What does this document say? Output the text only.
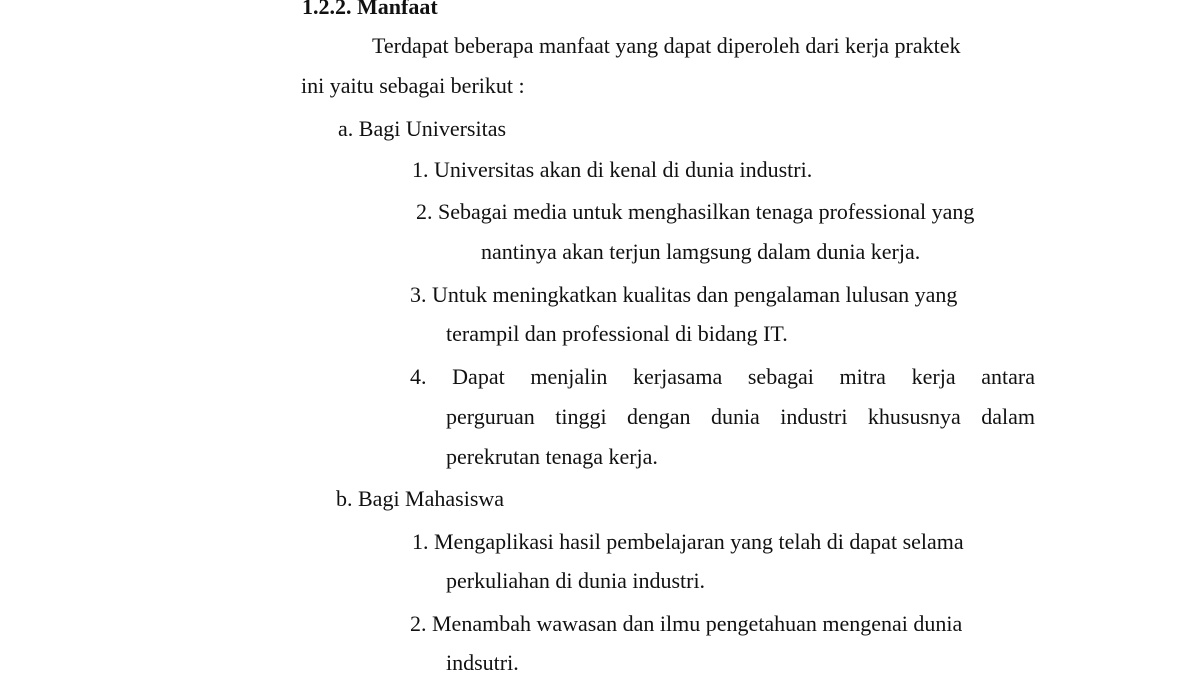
1.2.2. Manfaat

Terdapat beberapa manfaat yang dapat diperoleh dari kerja praktek

ini yaitu sebagai berikut :

a. Bagi Universitas

1. Universitas akan di kenal di dunia industri.

2. Sebagai media untuk menghasilkan tenaga professional yang

nantinya akan terjun lamgsung dalam dunia kerja.

3. Untuk meningkatkan kualitas dan pengalaman lulusan yang

terampil dan professional di bidang IT.

4. Dapat menjalin kerjasama sebagai mitra kerja antara
perguruan tinggi dengan dunia industri khususnya dalam

perekrutan tenaga kerja.

b. Bagi Mahasiswa

1. Mengaplikasi hasil pembelajaran yang telah di dapat selama

perkuliahan di dunia industri.

2. Menambah wawasan dan ilmu pengetahuan mengenai dunia

indsutri.
